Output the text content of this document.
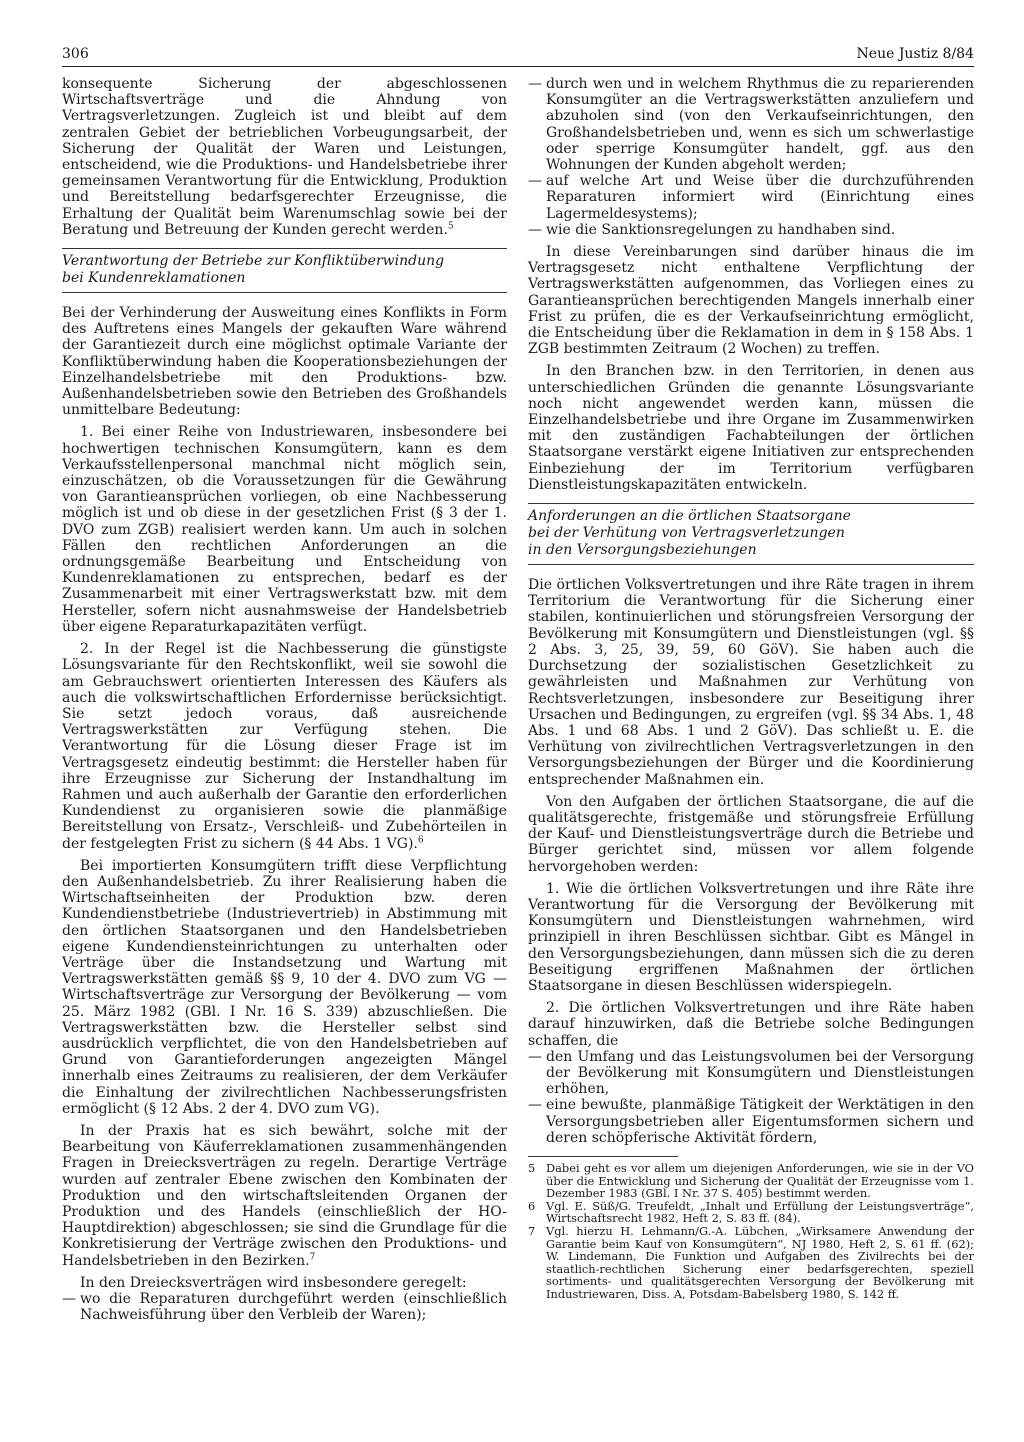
306	Neue Justiz 8/84

konsequente Sicherung der abgeschlossenen Wirtschaftsverträge und die Ahndung von Vertragsverletzungen. Zugleich ist und bleibt auf dem zentralen Gebiet der betrieblichen Vorbeugungsarbeit, der Sicherung der Qualität der Waren und Leistungen, entscheidend, wie die Produktions- und Handelsbetriebe ihrer gemeinsamen Verantwortung für die Entwicklung, Produktion und Bereitstellung bedarfsgerechter Erzeugnisse, die Erhaltung der Qualität beim Warenumschlag sowie bei der Beratung und Betreuung der Kunden gerecht werden.$^5$

Verantwortung der Betriebe zur Konfliktüberwindung

bei Kundenreklamationen

Bei der Verhinderung der Ausweitung eines Konflikts in Form des Auftretens eines Mangels der gekauften Ware während der Garantiezeit durch eine möglichst optimale Variante der Konfliktüberwindung haben die Kooperationsbeziehungen der Einzelhandelsbetriebe mit den Produktions- bzw. Außenhandelsbetrieben sowie den Betrieben des Großhandels unmittelbare Bedeutung:

1. Bei einer Reihe von Industriewaren, insbesondere bei hochwertigen technischen Konsumgütern, kann es dem Verkaufsstellenpersonal manchmal nicht möglich sein, einzuschätzen, ob die Voraussetzungen für die Gewährung von Garantieansprüchen vorliegen, ob eine Nachbesserung möglich ist und ob diese in der gesetzlichen Frist (§ 3 der 1. DVO zum ZGB) realisiert werden kann. Um auch in solchen Fällen den rechtlichen Anforderungen an die ordnungsgemäße Bearbeitung und Entscheidung von Kundenreklamationen zu entsprechen, bedarf es der Zusammenarbeit mit einer Vertragswerkstatt bzw. mit dem Hersteller, sofern nicht ausnahmsweise der Handelsbetrieb über eigene Reparaturkapazitäten verfügt.

2. In der Regel ist die Nachbesserung die günstigste Lösungsvariante für den Rechtskonflikt, weil sie sowohl die am Gebrauchswert orientierten Interessen des Käufers als auch die volkswirtschaftlichen Erfordernisse berücksichtigt. Sie setzt jedoch voraus, daß ausreichende Vertragswerkstätten zur Verfügung stehen. Die Verantwortung für die Lösung dieser Frage ist im Vertragsgesetz eindeutig bestimmt: die Hersteller haben für ihre Erzeugnisse zur Sicherung der Instandhaltung im Rahmen und auch außerhalb der Garantie den erforderlichen Kundendienst zu organisieren sowie die planmäßige Bereitstellung von Ersatz-, Verschleiß- und Zubehörteilen in der festgelegten Frist zu sichern (§ 44 Abs. 1 VG).$^6$

Bei importierten Konsumgütern trifft diese Verpflichtung den Außenhandelsbetrieb. Zu ihrer Realisierung haben die Wirtschaftseinheiten der Produktion bzw. deren Kundendienstbetriebe (Industrievertrieb) in Abstimmung mit den örtlichen Staatsorganen und den Handelsbetrieben eigene Kundendiensteinrichtungen zu unterhalten oder Verträge über die Instandsetzung und Wartung mit Vertragswerkstätten gemäß §§ 9, 10 der 4. DVO zum VG — Wirtschaftsverträge zur Versorgung der Bevölkerung — vom 25. März 1982 (GBl. I Nr. 16 S. 339) abzuschließen. Die Vertragswerkstätten bzw. die Hersteller selbst sind ausdrücklich verpflichtet, die von den Handelsbetrieben auf Grund von Garantieforderungen angezeigten Mängel innerhalb eines Zeitraums zu realisieren, der dem Verkäufer die Einhaltung der zivilrechtlichen Nachbesserungsfristen ermöglicht (§ 12 Abs. 2 der 4. DVO zum VG).

In der Praxis hat es sich bewährt, solche mit der Bearbeitung von Käuferreklamationen zusammenhängenden Fragen in Dreiecksverträgen zu regeln. Derartige Verträge wurden auf zentraler Ebene zwischen den Kombinaten der Produktion und den wirtschaftsleitenden Organen der Produktion und des Handels (einschließlich der HO-Hauptdirektion) abgeschlossen; sie sind die Grundlage für die Konkretisierung der Verträge zwischen den Produktions- und Handelsbetrieben in den Bezirken.$^7$

In den Dreiecksverträgen wird insbesondere geregelt:

— wo die Reparaturen durchgeführt werden (einschließlich Nachweisführung über den Verbleib der Waren);
— durch wen und in welchem Rhythmus die zu reparierenden Konsumgüter an die Vertragswerkstätten anzuliefern und abzuholen sind (von den Verkaufseinrichtungen, den Großhandelsbetrieben und, wenn es sich um schwerlastige oder sperrige Konsumgüter handelt, ggf. aus den Wohnungen der Kunden abgeholt werden;
— auf welche Art und Weise über die durchzuführenden Reparaturen informiert wird (Einrichtung eines Lagermeldesystems);
— wie die Sanktionsregelungen zu handhaben sind.

In diese Vereinbarungen sind darüber hinaus die im Vertragsgesetz nicht enthaltene Verpflichtung der Vertragswerkstätten aufgenommen, das Vorliegen eines zu Garantieansprüchen berechtigenden Mangels innerhalb einer Frist zu prüfen, die es der Verkaufseinrichtung ermöglicht, die Entscheidung über die Reklamation in dem in § 158 Abs. 1 ZGB bestimmten Zeitraum (2 Wochen) zu treffen.

In den Branchen bzw. in den Territorien, in denen aus unterschiedlichen Gründen die genannte Lösungsvariante noch nicht angewendet werden kann, müssen die Einzelhandelsbetriebe und ihre Organe im Zusammenwirken mit den zuständigen Fachabteilungen der örtlichen Staatsorgane verstärkt eigene Initiativen zur entsprechenden Einbeziehung der im Territorium verfügbaren Dienstleistungskapazitäten entwickeln.

Anforderungen an die örtlichen Staatsorgane

bei der Verhütung von Vertragsverletzungen

in den Versorgungsbeziehungen

Die örtlichen Volksvertretungen und ihre Räte tragen in ihrem Territorium die Verantwortung für die Sicherung einer stabilen, kontinuierlichen und störungsfreien Versorgung der Bevölkerung mit Konsumgütern und Dienstleistungen (vgl. §§ 2 Abs. 3, 25, 39, 59, 60 GöV). Sie haben auch die Durchsetzung der sozialistischen Gesetzlichkeit zu gewährleisten und Maßnahmen zur Verhütung von Rechtsverletzungen, insbesondere zur Beseitigung ihrer Ursachen und Bedingungen, zu ergreifen (vgl. §§ 34 Abs. 1, 48 Abs. 1 und 68 Abs. 1 und 2 GöV). Das schließt u. E. die Verhütung von zivilrechtlichen Vertragsverletzungen in den Versorgungsbeziehungen der Bürger und die Koordinierung entsprechender Maßnahmen ein.

Von den Aufgaben der örtlichen Staatsorgane, die auf die qualitätsgerechte, fristgemäße und störungsfreie Erfüllung der Kauf- und Dienstleistungsverträge durch die Betriebe und Bürger gerichtet sind, müssen vor allem folgende hervorgehoben werden:

1. Wie die örtlichen Volksvertretungen und ihre Räte ihre Verantwortung für die Versorgung der Bevölkerung mit Konsumgütern und Dienstleistungen wahrnehmen, wird prinzipiell in ihren Beschlüssen sichtbar. Gibt es Mängel in den Versorgungsbeziehungen, dann müssen sich die zu deren Beseitigung ergriffenen Maßnahmen der örtlichen Staatsorgane in diesen Beschlüssen widerspiegeln.

2. Die örtlichen Volksvertretungen und ihre Räte haben darauf hinzuwirken, daß die Betriebe solche Bedingungen schaffen, die

— den Umfang und das Leistungsvolumen bei der Versorgung der Bevölkerung mit Konsumgütern und Dienstleistungen erhöhen,
— eine bewußte, planmäßige Tätigkeit der Werktätigen in den Versorgungsbetrieben aller Eigentumsformen sichern und deren schöpferische Aktivität fördern,
5 Dabei geht es vor allem um diejenigen Anforderungen, wie sie in der VO über die Entwicklung und Sicherung der Qualität der Erzeugnisse vom 1. Dezember 1983 (GBl. I Nr. 37 S. 405) bestimmt werden.
6 Vgl. E. Süß/G. Treufeldt, „Inhalt und Erfüllung der Leistungsverträge“, Wirtschaftsrecht 1982, Heft 2, S. 83 ff. (84).
7 Vgl. hierzu H. Lehmann/G.-A. Lübchen, „Wirksamere Anwendung der Garantie beim Kauf von Konsumgütern“, NJ 1980, Heft 2, S. 61 ff. (62); W. Lindemann, Die Funktion und Aufgaben des Zivilrechts bei der staatlich-rechtlichen Sicherung einer bedarfsgerechten, speziell sortiments- und qualitätsgerechten Versorgung der Bevölkerung mit Industriewaren, Diss. A, Potsdam-Babelsberg 1980, S. 142 ff.
